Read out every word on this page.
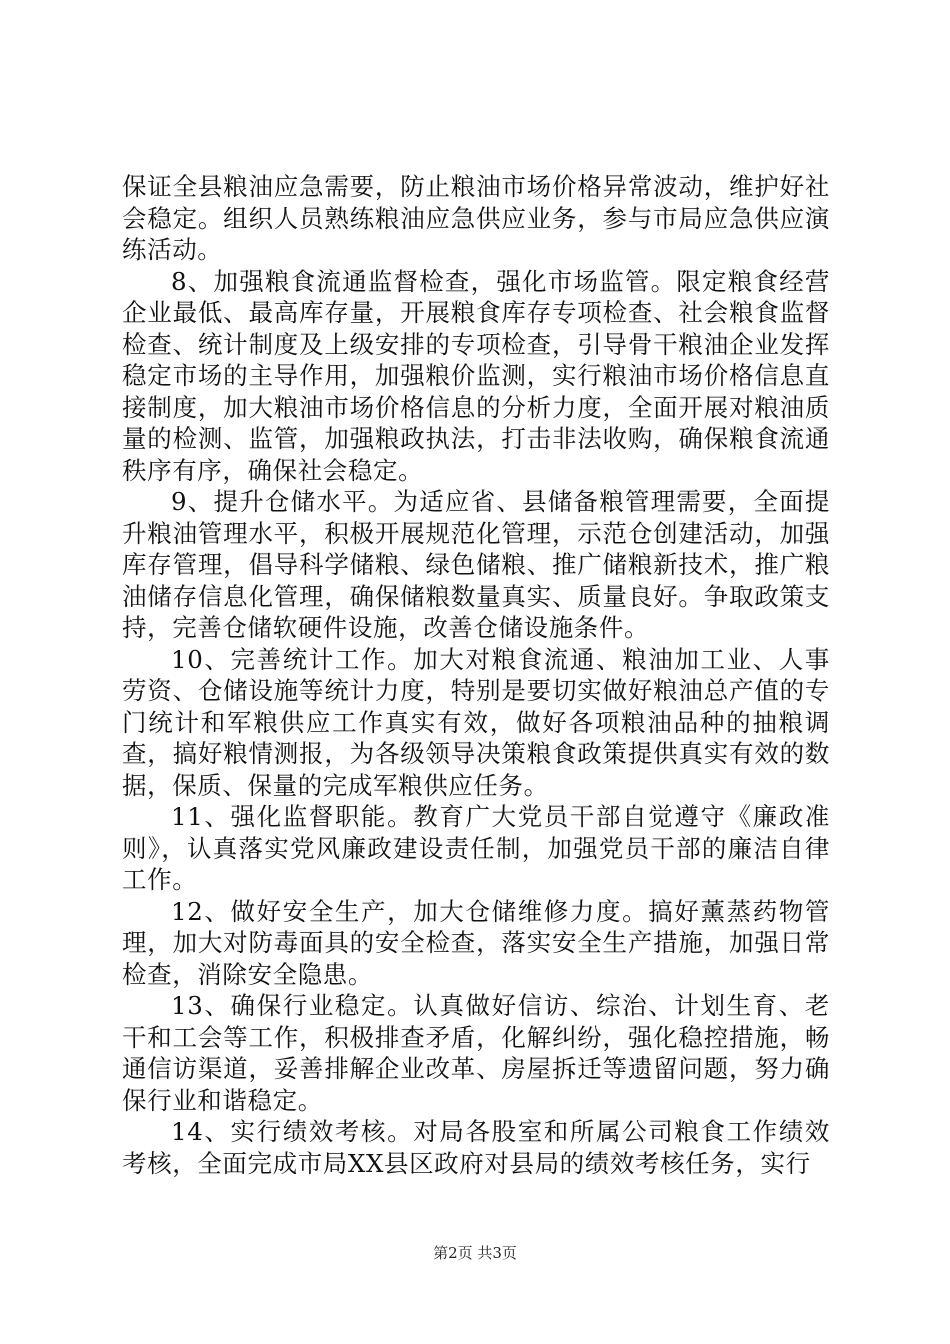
保证全县粮油应急需要，防止粮油市场价格异常波动，维护好社会稳定。组织人员熟练粮油应急供应业务，参与市局应急供应演练活动。

8、加强粮食流通监督检查，强化市场监管。限定粮食经营企业最低、最高库存量，开展粮食库存专项检查、社会粮食监督检查、统计制度及上级安排的专项检查，引导骨干粮油企业发挥稳定市场的主导作用，加强粮价监测，实行粮油市场价格信息直接制度，加大粮油市场价格信息的分析力度，全面开展对粮油质量的检测、监管，加强粮政执法，打击非法收购，确保粮食流通秩序有序，确保社会稳定。

9、提升仓储水平。为适应省、县储备粮管理需要，全面提升粮油管理水平，积极开展规范化管理，示范仓创建活动，加强库存管理，倡导科学储粮、绿色储粮、推广储粮新技术，推广粮油储存信息化管理，确保储粮数量真实、质量良好。争取政策支持，完善仓储软硬件设施，改善仓储设施条件。

10、完善统计工作。加大对粮食流通、粮油加工业、人事劳资、仓储设施等统计力度，特别是要切实做好粮油总产值的专门统计和军粮供应工作真实有效，做好各项粮油品种的抽粮调查，搞好粮情测报，为各级领导决策粮食政策提供真实有效的数据，保质、保量的完成军粮供应任务。

11、强化监督职能。教育广大党员干部自觉遵守《廉政准则》，认真落实党风廉政建设责任制，加强党员干部的廉洁自律工作。

12、做好安全生产，加大仓储维修力度。搞好薰蒸药物管理，加大对防毒面具的安全检查，落实安全生产措施，加强日常检查，消除安全隐患。

13、确保行业稳定。认真做好信访、综治、计划生育、老干和工会等工作，积极排查矛盾，化解纠纷，强化稳控措施，畅通信访渠道，妥善排解企业改革、房屋拆迁等遗留问题，努力确保行业和谐稳定。

14、实行绩效考核。对局各股室和所属公司粮食工作绩效考核，全面完成市局XX县区政府对县局的绩效考核任务，实行

第2页 共3页
